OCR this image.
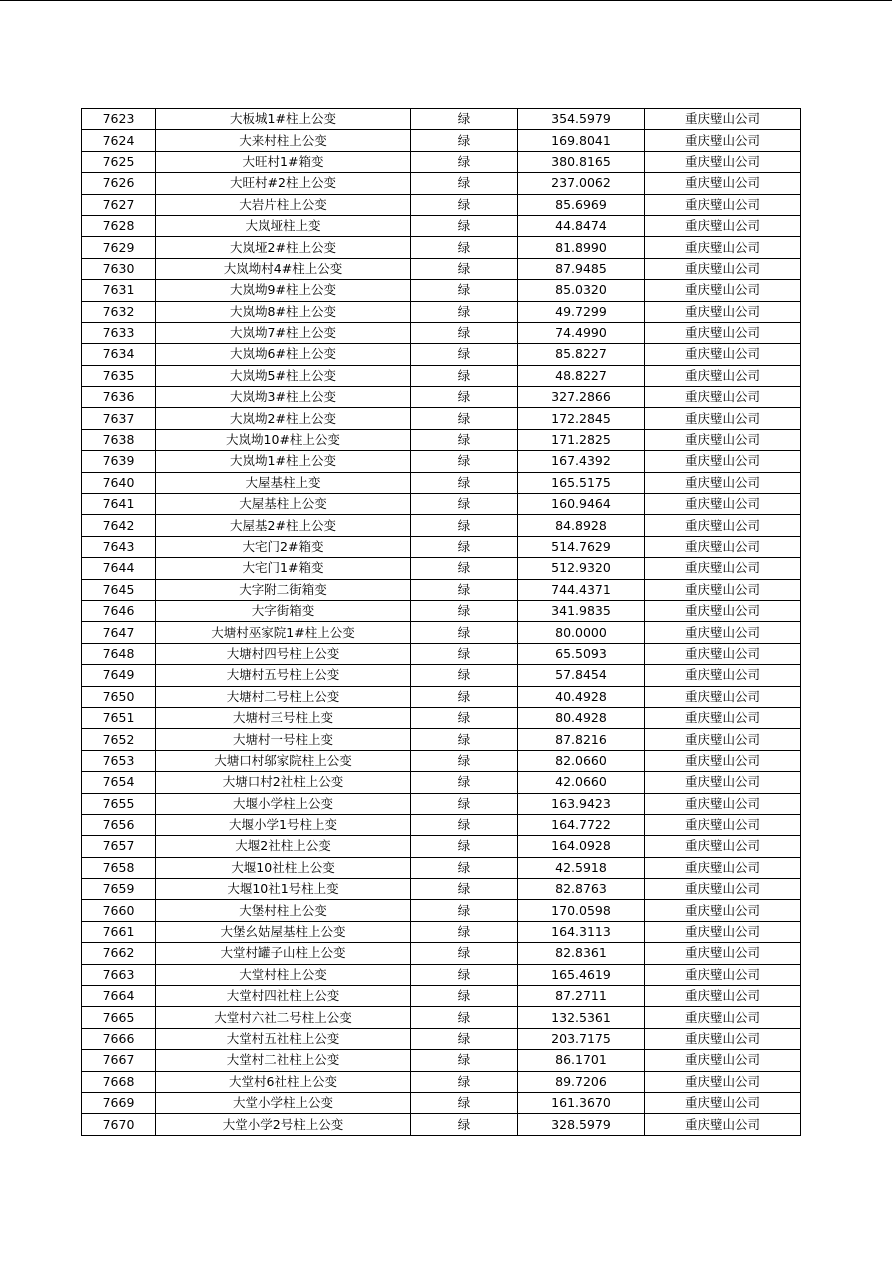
7623	大板城1#柱上公变	绿	354.5979	重庆璧山公司
7624	大来村柱上公变	绿	169.8041	重庆璧山公司
7625	大旺村1#箱变	绿	380.8165	重庆璧山公司
7626	大旺村#2柱上公变	绿	237.0062	重庆璧山公司
7627	大岩片柱上公变	绿	85.6969	重庆璧山公司
7628	大岚垭柱上变	绿	44.8474	重庆璧山公司
7629	大岚垭2#柱上公变	绿	81.8990	重庆璧山公司
7630	大岚坳村4#柱上公变	绿	87.9485	重庆璧山公司
7631	大岚坳9#柱上公变	绿	85.0320	重庆璧山公司
7632	大岚坳8#柱上公变	绿	49.7299	重庆璧山公司
7633	大岚坳7#柱上公变	绿	74.4990	重庆璧山公司
7634	大岚坳6#柱上公变	绿	85.8227	重庆璧山公司
7635	大岚坳5#柱上公变	绿	48.8227	重庆璧山公司
7636	大岚坳3#柱上公变	绿	327.2866	重庆璧山公司
7637	大岚坳2#柱上公变	绿	172.2845	重庆璧山公司
7638	大岚坳10#柱上公变	绿	171.2825	重庆璧山公司
7639	大岚坳1#柱上公变	绿	167.4392	重庆璧山公司
7640	大屋基柱上变	绿	165.5175	重庆璧山公司
7641	大屋基柱上公变	绿	160.9464	重庆璧山公司
7642	大屋基2#柱上公变	绿	84.8928	重庆璧山公司
7643	大宅门2#箱变	绿	514.7629	重庆璧山公司
7644	大宅门1#箱变	绿	512.9320	重庆璧山公司
7645	大字附二街箱变	绿	744.4371	重庆璧山公司
7646	大字街箱变	绿	341.9835	重庆璧山公司
7647	大塘村巫家院1#柱上公变	绿	80.0000	重庆璧山公司
7648	大塘村四号柱上公变	绿	65.5093	重庆璧山公司
7649	大塘村五号柱上公变	绿	57.8454	重庆璧山公司
7650	大塘村二号柱上公变	绿	40.4928	重庆璧山公司
7651	大塘村三号柱上变	绿	80.4928	重庆璧山公司
7652	大塘村一号柱上变	绿	87.8216	重庆璧山公司
7653	大塘口村邬家院柱上公变	绿	82.0660	重庆璧山公司
7654	大塘口村2社柱上公变	绿	42.0660	重庆璧山公司
7655	大堰小学柱上公变	绿	163.9423	重庆璧山公司
7656	大堰小学1号柱上变	绿	164.7722	重庆璧山公司
7657	大堰2社柱上公变	绿	164.0928	重庆璧山公司
7658	大堰10社柱上公变	绿	42.5918	重庆璧山公司
7659	大堰10社1号柱上变	绿	82.8763	重庆璧山公司
7660	大堡村柱上公变	绿	170.0598	重庆璧山公司
7661	大堡幺姑屋基柱上公变	绿	164.3113	重庆璧山公司
7662	大堂村罐子山柱上公变	绿	82.8361	重庆璧山公司
7663	大堂村柱上公变	绿	165.4619	重庆璧山公司
7664	大堂村四社柱上公变	绿	87.2711	重庆璧山公司
7665	大堂村六社二号柱上公变	绿	132.5361	重庆璧山公司
7666	大堂村五社柱上公变	绿	203.7175	重庆璧山公司
7667	大堂村二社柱上公变	绿	86.1701	重庆璧山公司
7668	大堂村6社柱上公变	绿	89.7206	重庆璧山公司
7669	大堂小学柱上公变	绿	161.3670	重庆璧山公司
7670	大堂小学2号柱上公变	绿	328.5979	重庆璧山公司
